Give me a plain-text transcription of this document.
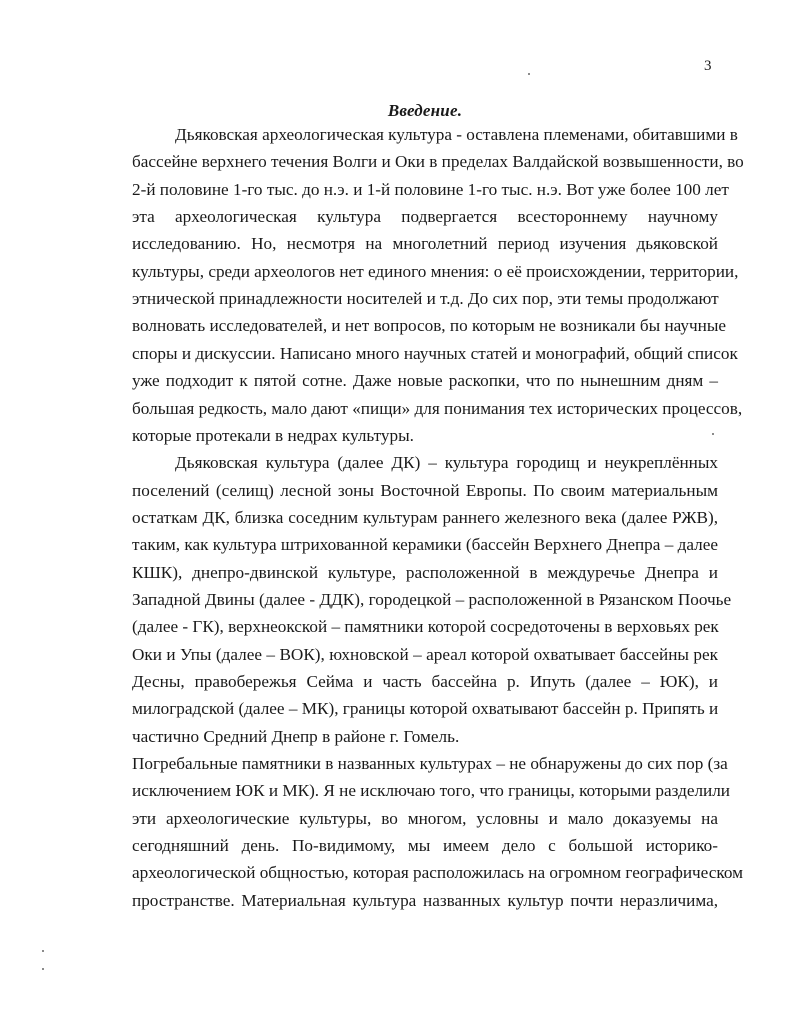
3
Введение.
Дьяковская археологическая культура - оставлена племенами, обитавшими в
бассейне верхнего течения Волги и Оки в пределах Валдайской возвышенности, во
2-й половине 1-го тыс. до н.э. и 1-й половине 1-го тыс. н.э. Вот уже более 100 лет
эта археологическая культура подвергается всестороннему научному
исследованию. Но, несмотря на многолетний период изучения дьяковской
культуры, среди археологов нет единого мнения: о её происхождении, территории,
этнической принадлежности носителей и т.д. До сих пор, эти темы продолжают
волновать исследователей, и нет вопросов, по которым не возникали бы научные
споры и дискуссии. Написано много научных статей и монографий, общий список
уже подходит к пятой сотне. Даже новые раскопки, что по нынешним дням –
большая редкость, мало дают «пищи» для понимания тех исторических процессов,
которые протекали в недрах культуры.
Дьяковская культура (далее ДК) – культура городищ и неукреплённых
поселений (селищ) лесной зоны Восточной Европы. По своим материальным
остаткам ДК, близка соседним культурам раннего железного века (далее РЖВ),
таким, как культура штрихованной керамики (бассейн Верхнего Днепра – далее
КШК), днепро-двинской культуре, расположенной в междуречье Днепра и
Западной Двины (далее - ДДК), городецкой – расположенной в Рязанском Поочье
(далее - ГК), верхнеокской – памятники которой сосредоточены в верховьях рек
Оки и Упы (далее – ВОК), юхновской – ареал которой охватывает бассейны рек
Десны, правобережья Сейма и часть бассейна р. Ипуть (далее – ЮК), и
милоградской (далее – МК), границы которой охватывают бассейн р. Припять и
частично Средний Днепр в районе г. Гомель.
Погребальные памятники в названных культурах – не обнаружены до сих пор (за
исключением ЮК и МК). Я не исключаю того, что границы, которыми разделили
эти археологические культуры, во многом, условны и мало доказуемы на
сегодняшний день. По-видимому, мы имеем дело с большой историко-
археологической общностью, которая расположилась на огромном географическом
пространстве. Материальная культура названных культур почти неразличима,
